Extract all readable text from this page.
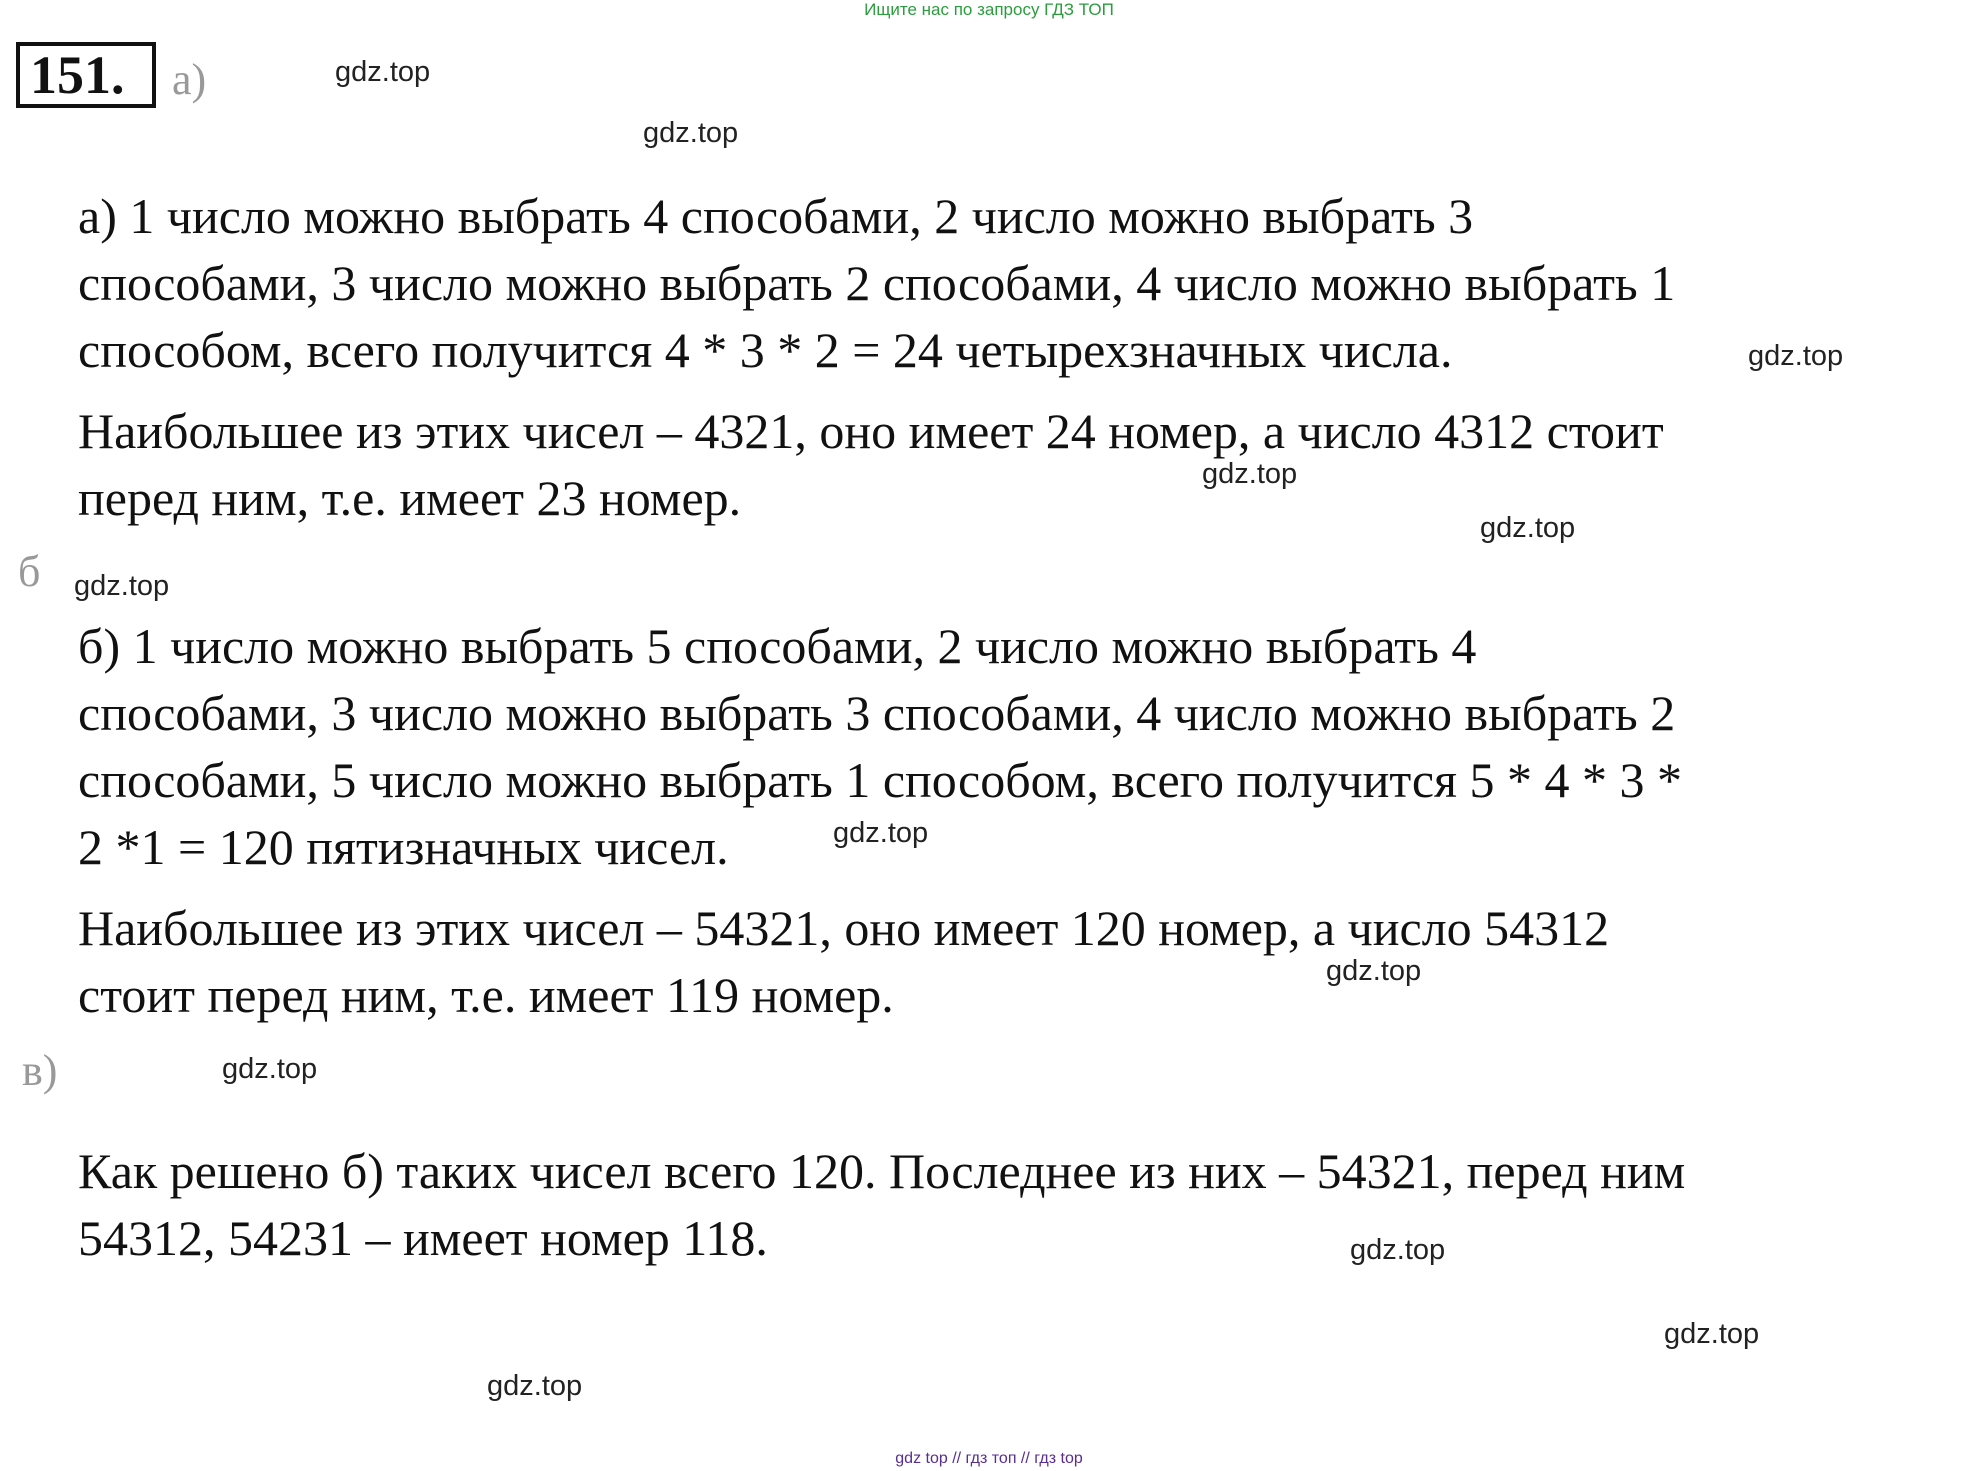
Ищите нас по запросу ГДЗ ТОП
151.	а)	gdz.top
gdz.top
а) 1 число можно выбрать 4 способами, 2 число можно выбрать 3
способами, 3 число можно выбрать 2 способами, 4 число можно выбрать 1
способом, всего получится 4 * 3 * 2 = 24 четырехзначных числа.	gdz.top
Наибольшее из этих чисел – 4321, оно имеет 24 номер, а число 4312 стоит
перед ним, т.е. имеет 23 номер.	gdz.top
gdz.top
б gdz.top
б) 1 число можно выбрать 5 способами, 2 число можно выбрать 4
способами, 3 число можно выбрать 3 способами, 4 число можно выбрать 2
способами, 5 число можно выбрать 1 способом, всего получится 5 * 4 * 3 *
2 *1 = 120 пятизначных чисел.	gdz.top
Наибольшее из этих чисел – 54321, оно имеет 120 номер, а число 54312
стоит перед ним, т.е. имеет 119 номер.	gdz.top
в)	gdz.top
Как решено б) таких чисел всего 120. Последнее из них – 54321, перед ним
54312, 54231 – имеет номер 118.	gdz.top
gdz.top
gdz.top
gdz top // гдз топ // гдз top
